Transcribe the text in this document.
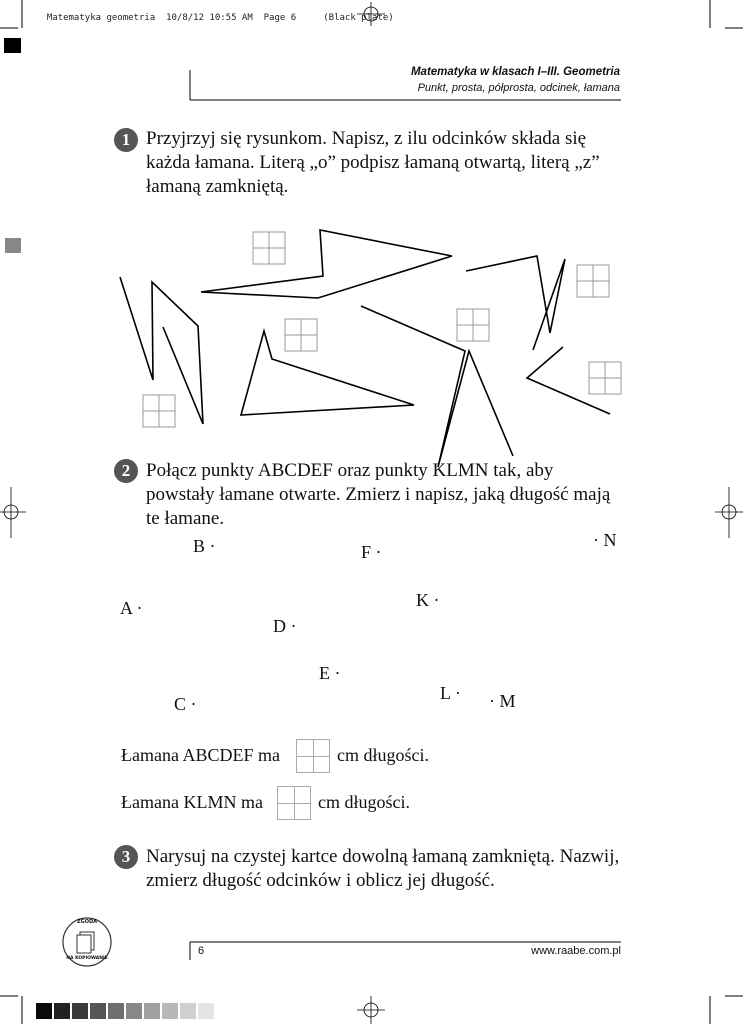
Matematyka geometria 10/8/12 10:55 AM Page 6	(Black plate)

Matematyka w klasach I–III. Geometria
Punkt, prosta, półprosta, odcinek, łamana
1 Przyjrzyj się rysunkom. Napisz, z ilu odcinków składa się każda łamana. Literą „o” podpisz łamaną otwartą, literą „z” łamaną zamkniętą.
2 Połącz punkty ABCDEF oraz punkty KLMN tak, aby powstały łamane otwarte. Zmierz i napisz, jaką długość mają te łamane.
B ·	F ·
· N
A ·	K ·
D ·
E ·
L ·
C ·	· M
Łamana ABCDEF ma	cm długości.
Łamana KLMN ma	cm długości.
3 Narysuj na czystej kartce dowolną łamaną zamkniętą. Nazwij, zmierz długość odcinków i oblicz jej długość.
ZGODA
NA KOPIOWANIE
6	www.raabe.com.pl
